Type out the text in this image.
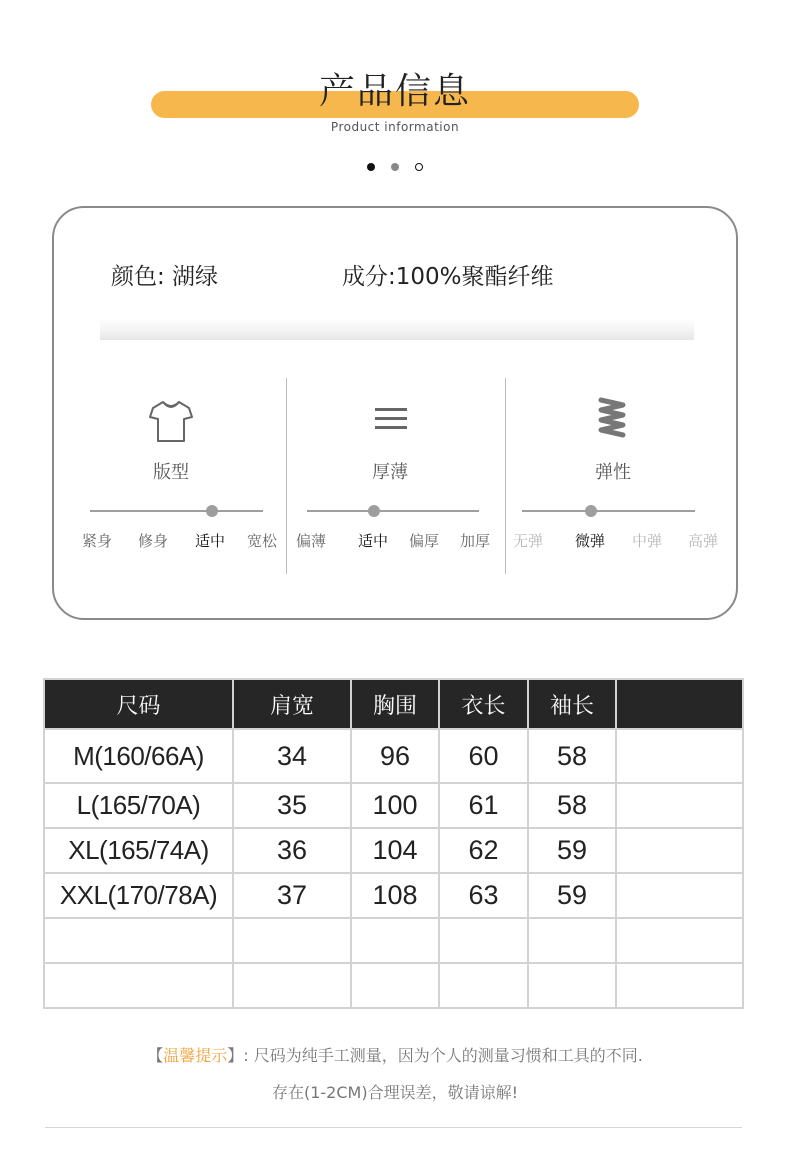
产品信息
Product information
颜色: 湖绿	成分:100%聚酯纤维
版型
紧身 修身 适中 宽松
厚薄
偏薄 适中 偏厚 加厚
弹性
无弹 微弹 中弹 高弹
尺码	肩宽	胸围	衣长	袖长	
M(160/66A)	34	96	60	58	
L(165/70A)	35	100	61	58	
XL(165/74A)	36	104	62	59	
XXL(170/78A)	37	108	63	59	

【温馨提示】: 尺码为纯手工测量，因为个人的测量习惯和工具的不同.
存在(1-2CM)合理误差，敬请谅解!
